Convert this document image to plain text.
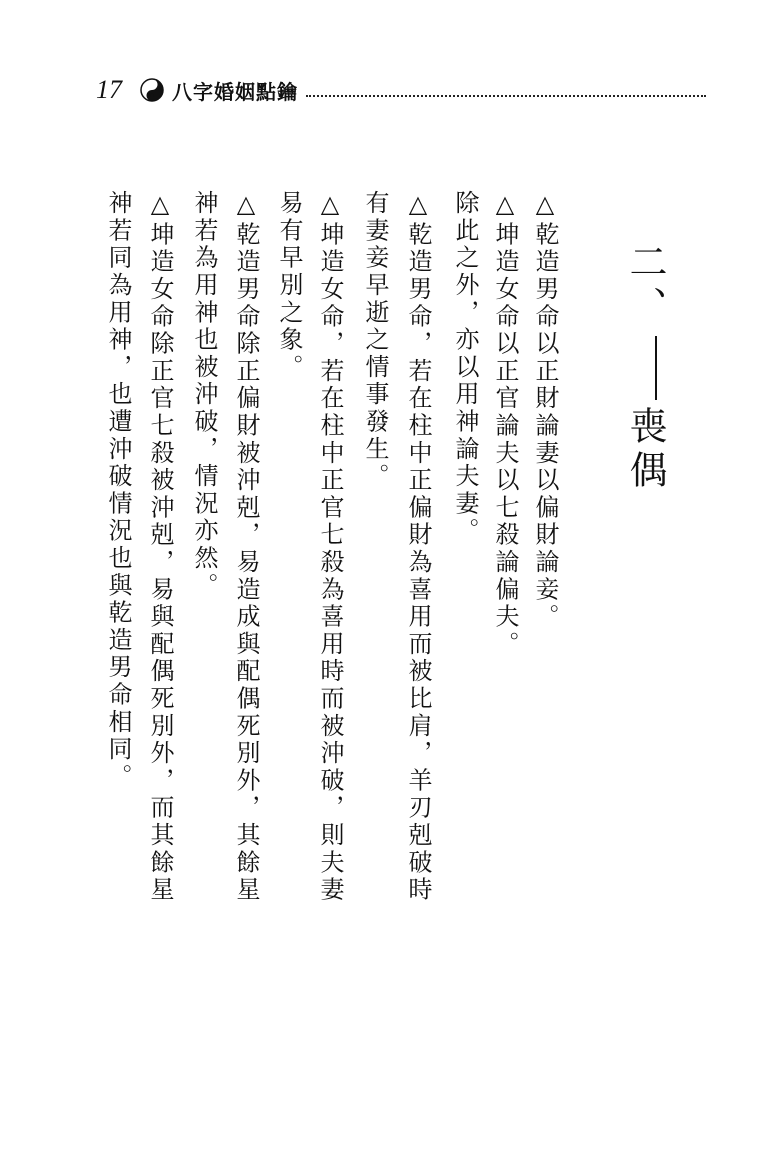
17	八字婚姻點鑰
二、喪偶
△乾造男命以正財論妻以偏財論妾。
△坤造女命以正官論夫以七殺論偏夫。
除此之外，亦以用神論夫妻。
△乾造男命，若在柱中正偏財為喜用而被比肩，羊刃剋破時
有妻妾早逝之情事發生。
△坤造女命，若在柱中正官七殺為喜用時而被沖破，則夫妻
易有早別之象。
△乾造男命除正偏財被沖剋，易造成與配偶死別外，其餘星
神若為用神也被沖破，情況亦然。
△坤造女命除正官七殺被沖剋，易與配偶死別外，而其餘星
神若同為用神，也遭沖破情況也與乾造男命相同。
